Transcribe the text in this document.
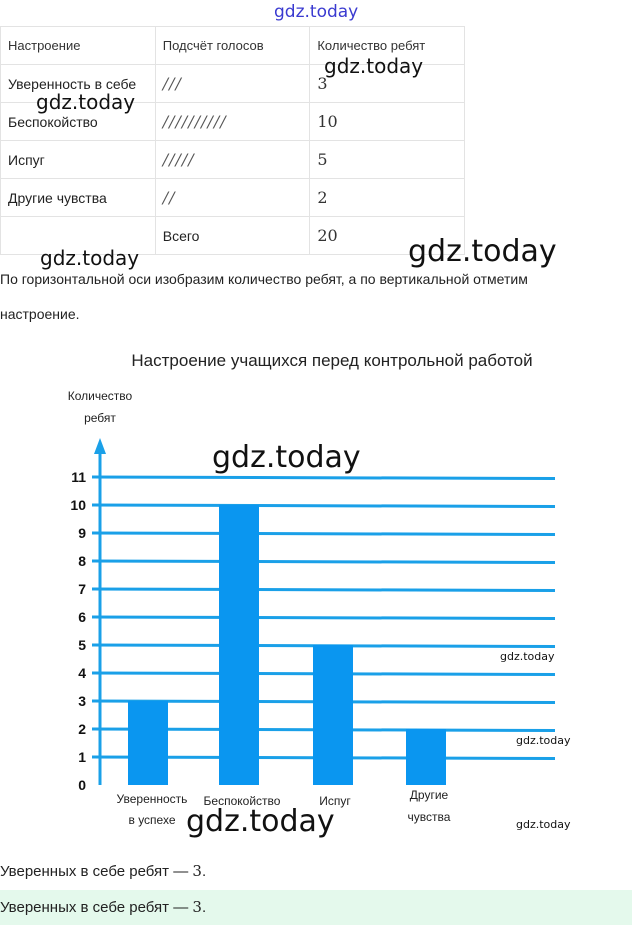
gdz.today
Настроение	Подсчёт голосов	Количество ребят
Уверенность в себе	///	3
Беспокойство	//////////	10
Испуг	/////	5
Другие чувства	//	2
	Всего	20
gdz.today
gdz.today
По горизонтальной оси изобразим количество ребят, а по вертикальной отметим настроение.
gdz.today	gdz.today
Настроение учащихся перед контрольной работой
Количество
ребят
0
1
2
3
4
5
6
7
8
9
10
11
Уверенность
в успехе
Беспокойство	Испуг	Другие
чувства
gdz.today
gdz.today
gdz.today
gdz.today	gdz.today
Уверенных в себе ребят — 3.
Уверенных в себе ребят — 3.
